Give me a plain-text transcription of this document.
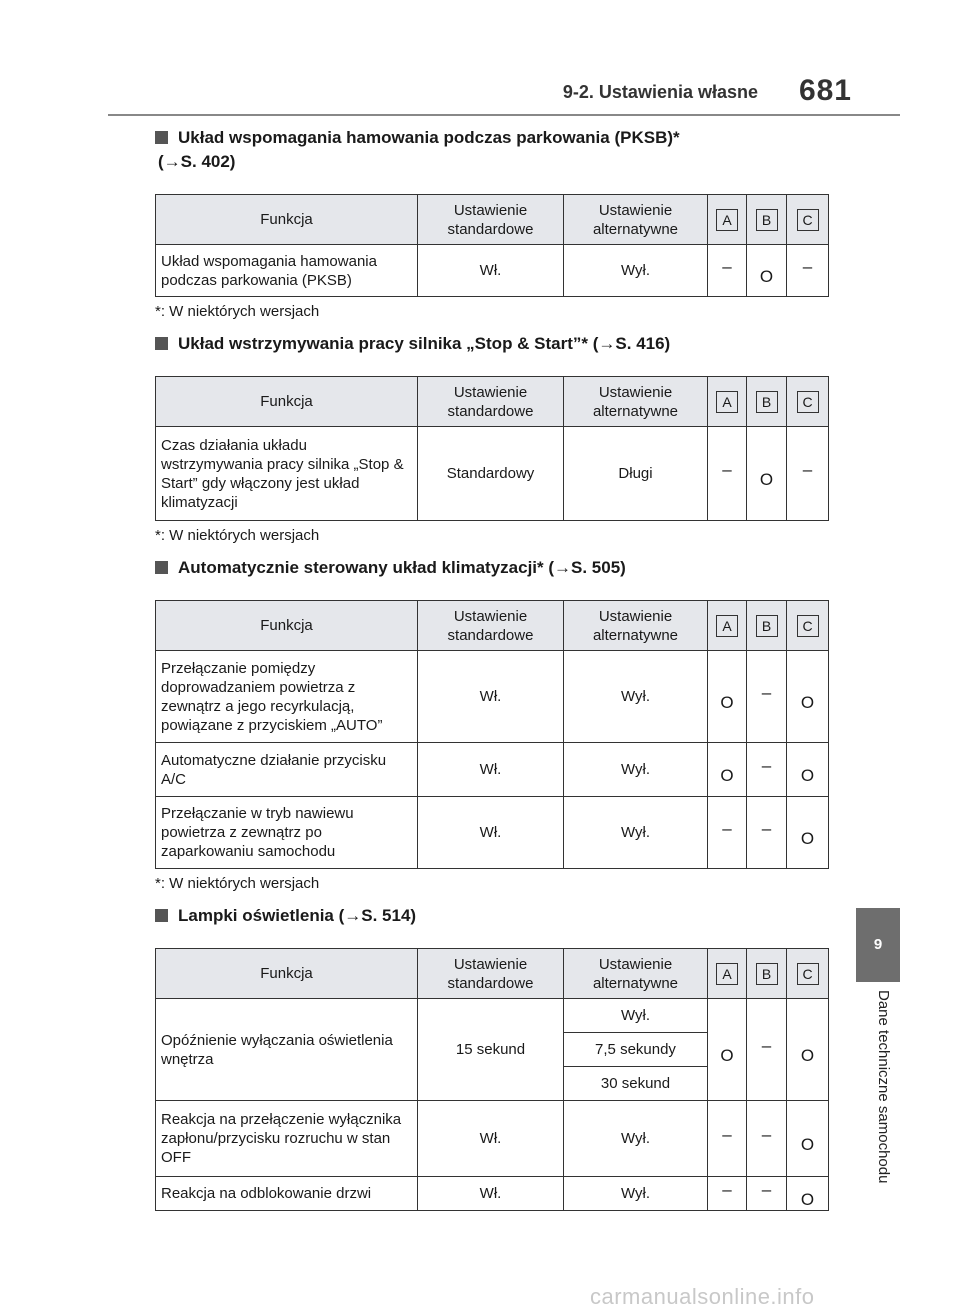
9-2. Ustawienia własne 681
Układ wspomagania hamowania podczas parkowania (PKSB)*
(→S. 402)
Funkcja	Ustawienie standardowe	Ustawienie alternatywne	A	B	C
Układ wspomagania hamowania podczas parkowania (PKSB)	Wł.	Wył.	–	O	–
*: W niektórych wersjach
Układ wstrzymywania pracy silnika „Stop & Start”* (→S. 416)
Funkcja	Ustawienie standardowe	Ustawienie alternatywne	A	B	C
Czas działania układu wstrzymywania pracy silnika „Stop & Start” gdy włączony jest układ klimatyzacji	Standardowy	Długi	–	O	–
*: W niektórych wersjach
Automatycznie sterowany układ klimatyzacji* (→S. 505)
Funkcja	Ustawienie standardowe	Ustawienie alternatywne	A	B	C
Przełączanie pomiędzy doprowadzaniem powietrza z zewnątrz a jego recyrkulacją, powiązane z przyciskiem „AUTO”	Wł.	Wył.	O	–	O
Automatyczne działanie przycisku A/C	Wł.	Wył.	O	–	O
Przełączanie w tryb nawiewu powietrza z zewnątrz po zaparkowaniu samochodu	Wł.	Wył.	–	–	O
*: W niektórych wersjach
Lampki oświetlenia (→S. 514)
Funkcja	Ustawienie standardowe	Ustawienie alternatywne	A	B	C
Opóźnienie wyłączania oświetlenia wnętrza	15 sekund	Wył.	O	–	O
		7,5 sekundy			
		30 sekund			
Reakcja na przełączenie wyłącznika zapłonu/przycisku rozruchu w stan OFF	Wł.	Wył.	–	–	O
Reakcja na odblokowanie drzwi	Wł.	Wył.	–	–	O
9
Dane techniczne samochodu
carmanualsonline.info
